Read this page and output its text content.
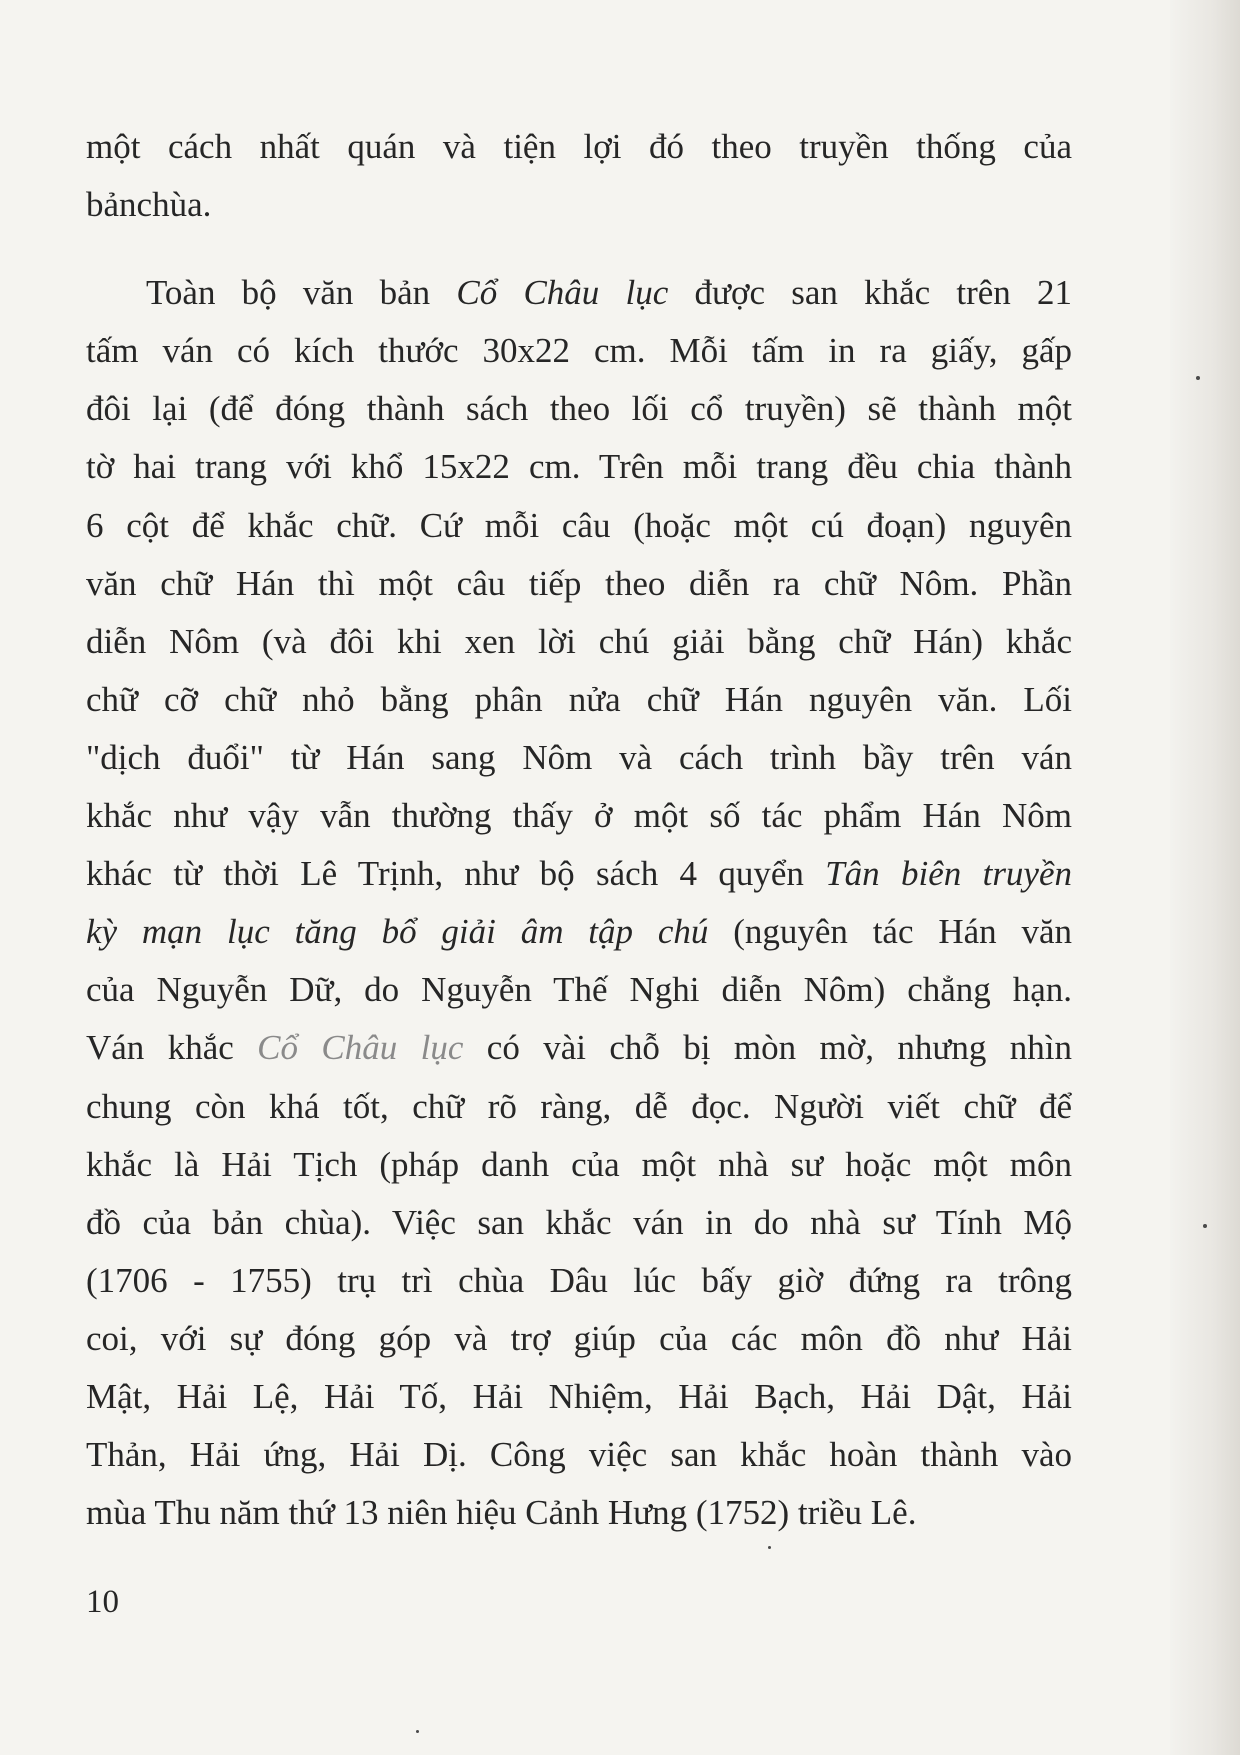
một cách nhất quán và tiện lợi đó theo truyền thống của
bảnchùa.
Toàn bộ văn bản Cổ Châu lục được san khắc trên 21
tấm ván có kích thước 30x22 cm. Mỗi tấm in ra giấy, gấp
đôi lại (để đóng thành sách theo lối cổ truyền) sẽ thành một
tờ hai trang với khổ 15x22 cm. Trên mỗi trang đều chia thành
6 cột để khắc chữ. Cứ mỗi câu (hoặc một cú đoạn) nguyên
văn chữ Hán thì một câu tiếp theo diễn ra chữ Nôm. Phần
diễn Nôm (và đôi khi xen lời chú giải bằng chữ Hán) khắc
chữ cỡ chữ nhỏ bằng phân nửa chữ Hán nguyên văn. Lối
"dịch đuổi" từ Hán sang Nôm và cách trình bầy trên ván
khắc như vậy vẫn thường thấy ở một số tác phẩm Hán Nôm
khác từ thời Lê Trịnh, như bộ sách 4 quyển Tân biên truyền
kỳ mạn lục tăng bổ giải âm tập chú (nguyên tác Hán văn
của Nguyễn Dữ, do Nguyễn Thế Nghi diễn Nôm) chẳng hạn.
Ván khắc Cổ Châu lục có vài chỗ bị mòn mờ, nhưng nhìn
chung còn khá tốt, chữ rõ ràng, dễ đọc. Người viết chữ để
khắc là Hải Tịch (pháp danh của một nhà sư hoặc một môn
đồ của bản chùa). Việc san khắc ván in do nhà sư Tính Mộ
(1706 - 1755) trụ trì chùa Dâu lúc bấy giờ đứng ra trông
coi, với sự đóng góp và trợ giúp của các môn đồ như Hải
Mật, Hải Lệ, Hải Tố, Hải Nhiệm, Hải Bạch, Hải Dật, Hải
Thản, Hải ứng, Hải Dị. Công việc san khắc hoàn thành vào
mùa Thu năm thứ 13 niên hiệu Cảnh Hưng (1752) triều Lê.
10
